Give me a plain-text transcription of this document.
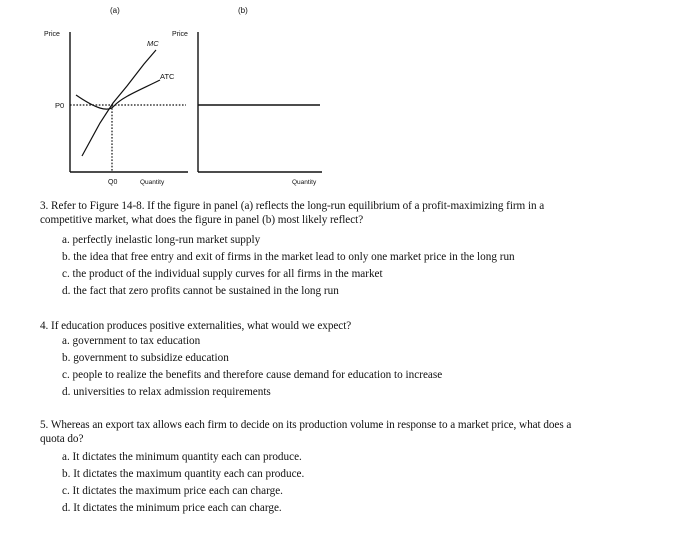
(a)	(b)
Price
Quantity
MC
ATC
P0
Q0
Price
Quantity
3. Refer to Figure 14-8. If the figure in panel (a) reflects the long-run equilibrium of a profit-maximizing firm in a
competitive market, what does the figure in panel (b) most likely reflect?
a. perfectly inelastic long-run market supply
b. the idea that free entry and exit of firms in the market lead to only one market price in the long run
c. the product of the individual supply curves for all firms in the market
d. the fact that zero profits cannot be sustained in the long run
4. If education produces positive externalities, what would we expect?
a. government to tax education
b. government to subsidize education
c. people to realize the benefits and therefore cause demand for education to increase
d. universities to relax admission requirements
5. Whereas an export tax allows each firm to decide on its production volume in response to a market price, what does a
quota do?
a. It dictates the minimum quantity each can produce.
b. It dictates the maximum quantity each can produce.
c. It dictates the maximum price each can charge.
d. It dictates the minimum price each can charge.
